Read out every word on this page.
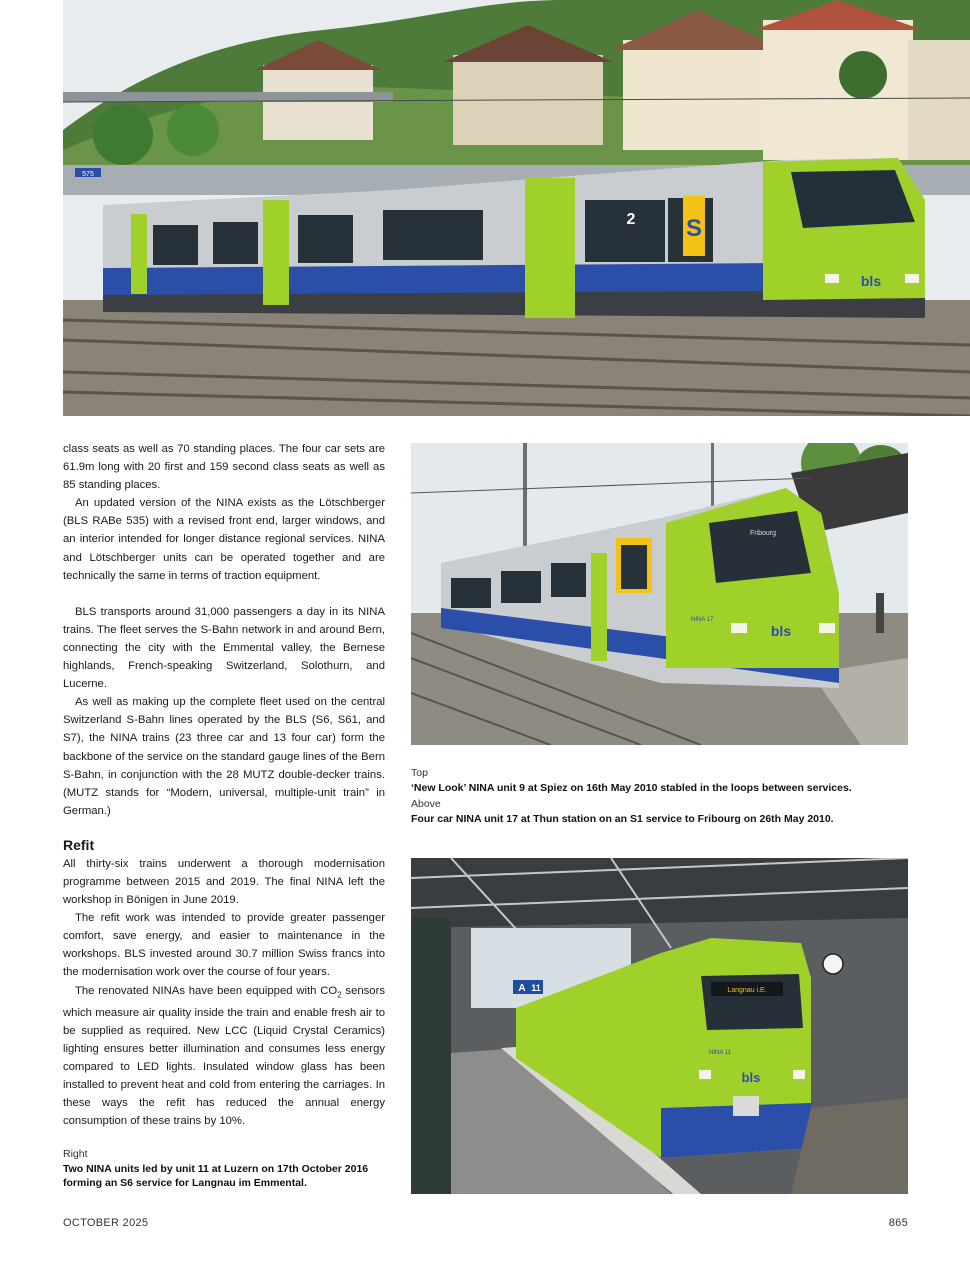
575
S
2
bls

class seats as well as 70 standing places. The four car sets are 61.9m long with 20 first and 159 second class seats as well as 85 standing places.

An updated version of the NINA exists as the Lötschberger (BLS RABe 535) with a revised front end, larger windows, and an interior intended for longer distance regional services. NINA and Lötschberger units can be operated together and are technically the same in terms of traction equipment.

BLS transports around 31,000 passengers a day in its NINA trains. The fleet serves the S-Bahn network in and around Bern, connecting the city with the Emmental valley, the Bernese highlands, French-speaking Switzerland, Solothurn, and Lucerne.

As well as making up the complete fleet used on the central Switzerland S-Bahn lines operated by the BLS (S6, S61, and S7), the NINA trains (23 three car and 13 four car) form the backbone of the service on the standard gauge lines of the Bern S-Bahn, in conjunction with the 28 MUTZ double-decker trains. (MUTZ stands for “Modern, universal, multiple-unit train” in German.)

Refit

All thirty-six trains underwent a thorough modernisation programme between 2015 and 2019. The final NINA left the workshop in Bönigen in June 2019.

The refit work was intended to provide greater passenger comfort, save energy, and easier to maintenance in the workshops. BLS invested around 30.7 million Swiss francs into the modernisation work over the course of four years.

The renovated NINAs have been equipped with $CO_2$ sensors which measure air quality inside the train and enable fresh air to be supplied as required. New LCC (Liquid Crystal Ceramics) lighting ensures better illumination and consumes less energy compared to LED lights. Insulated window glass has been installed to prevent heat and cold from entering the carriages. In these ways the refit has reduced the annual energy consumption of these trains by 10%.

Right
Two NINA units led by unit 11 at Luzern on 17th October 2016 forming an S6 service for Langnau im Emmental.
bls
NINA 17
Fribourg
Top
‘New Look’ NINA unit 9 at Spiez on 16th May 2010 stabled in the loops between services.
Above
Four car NINA unit 17 at Thun station on an S1 service to Fribourg on 26th May 2010.
A 11	Langnau i.E.
NINA 11
bls
OCTOBER 2025	865
